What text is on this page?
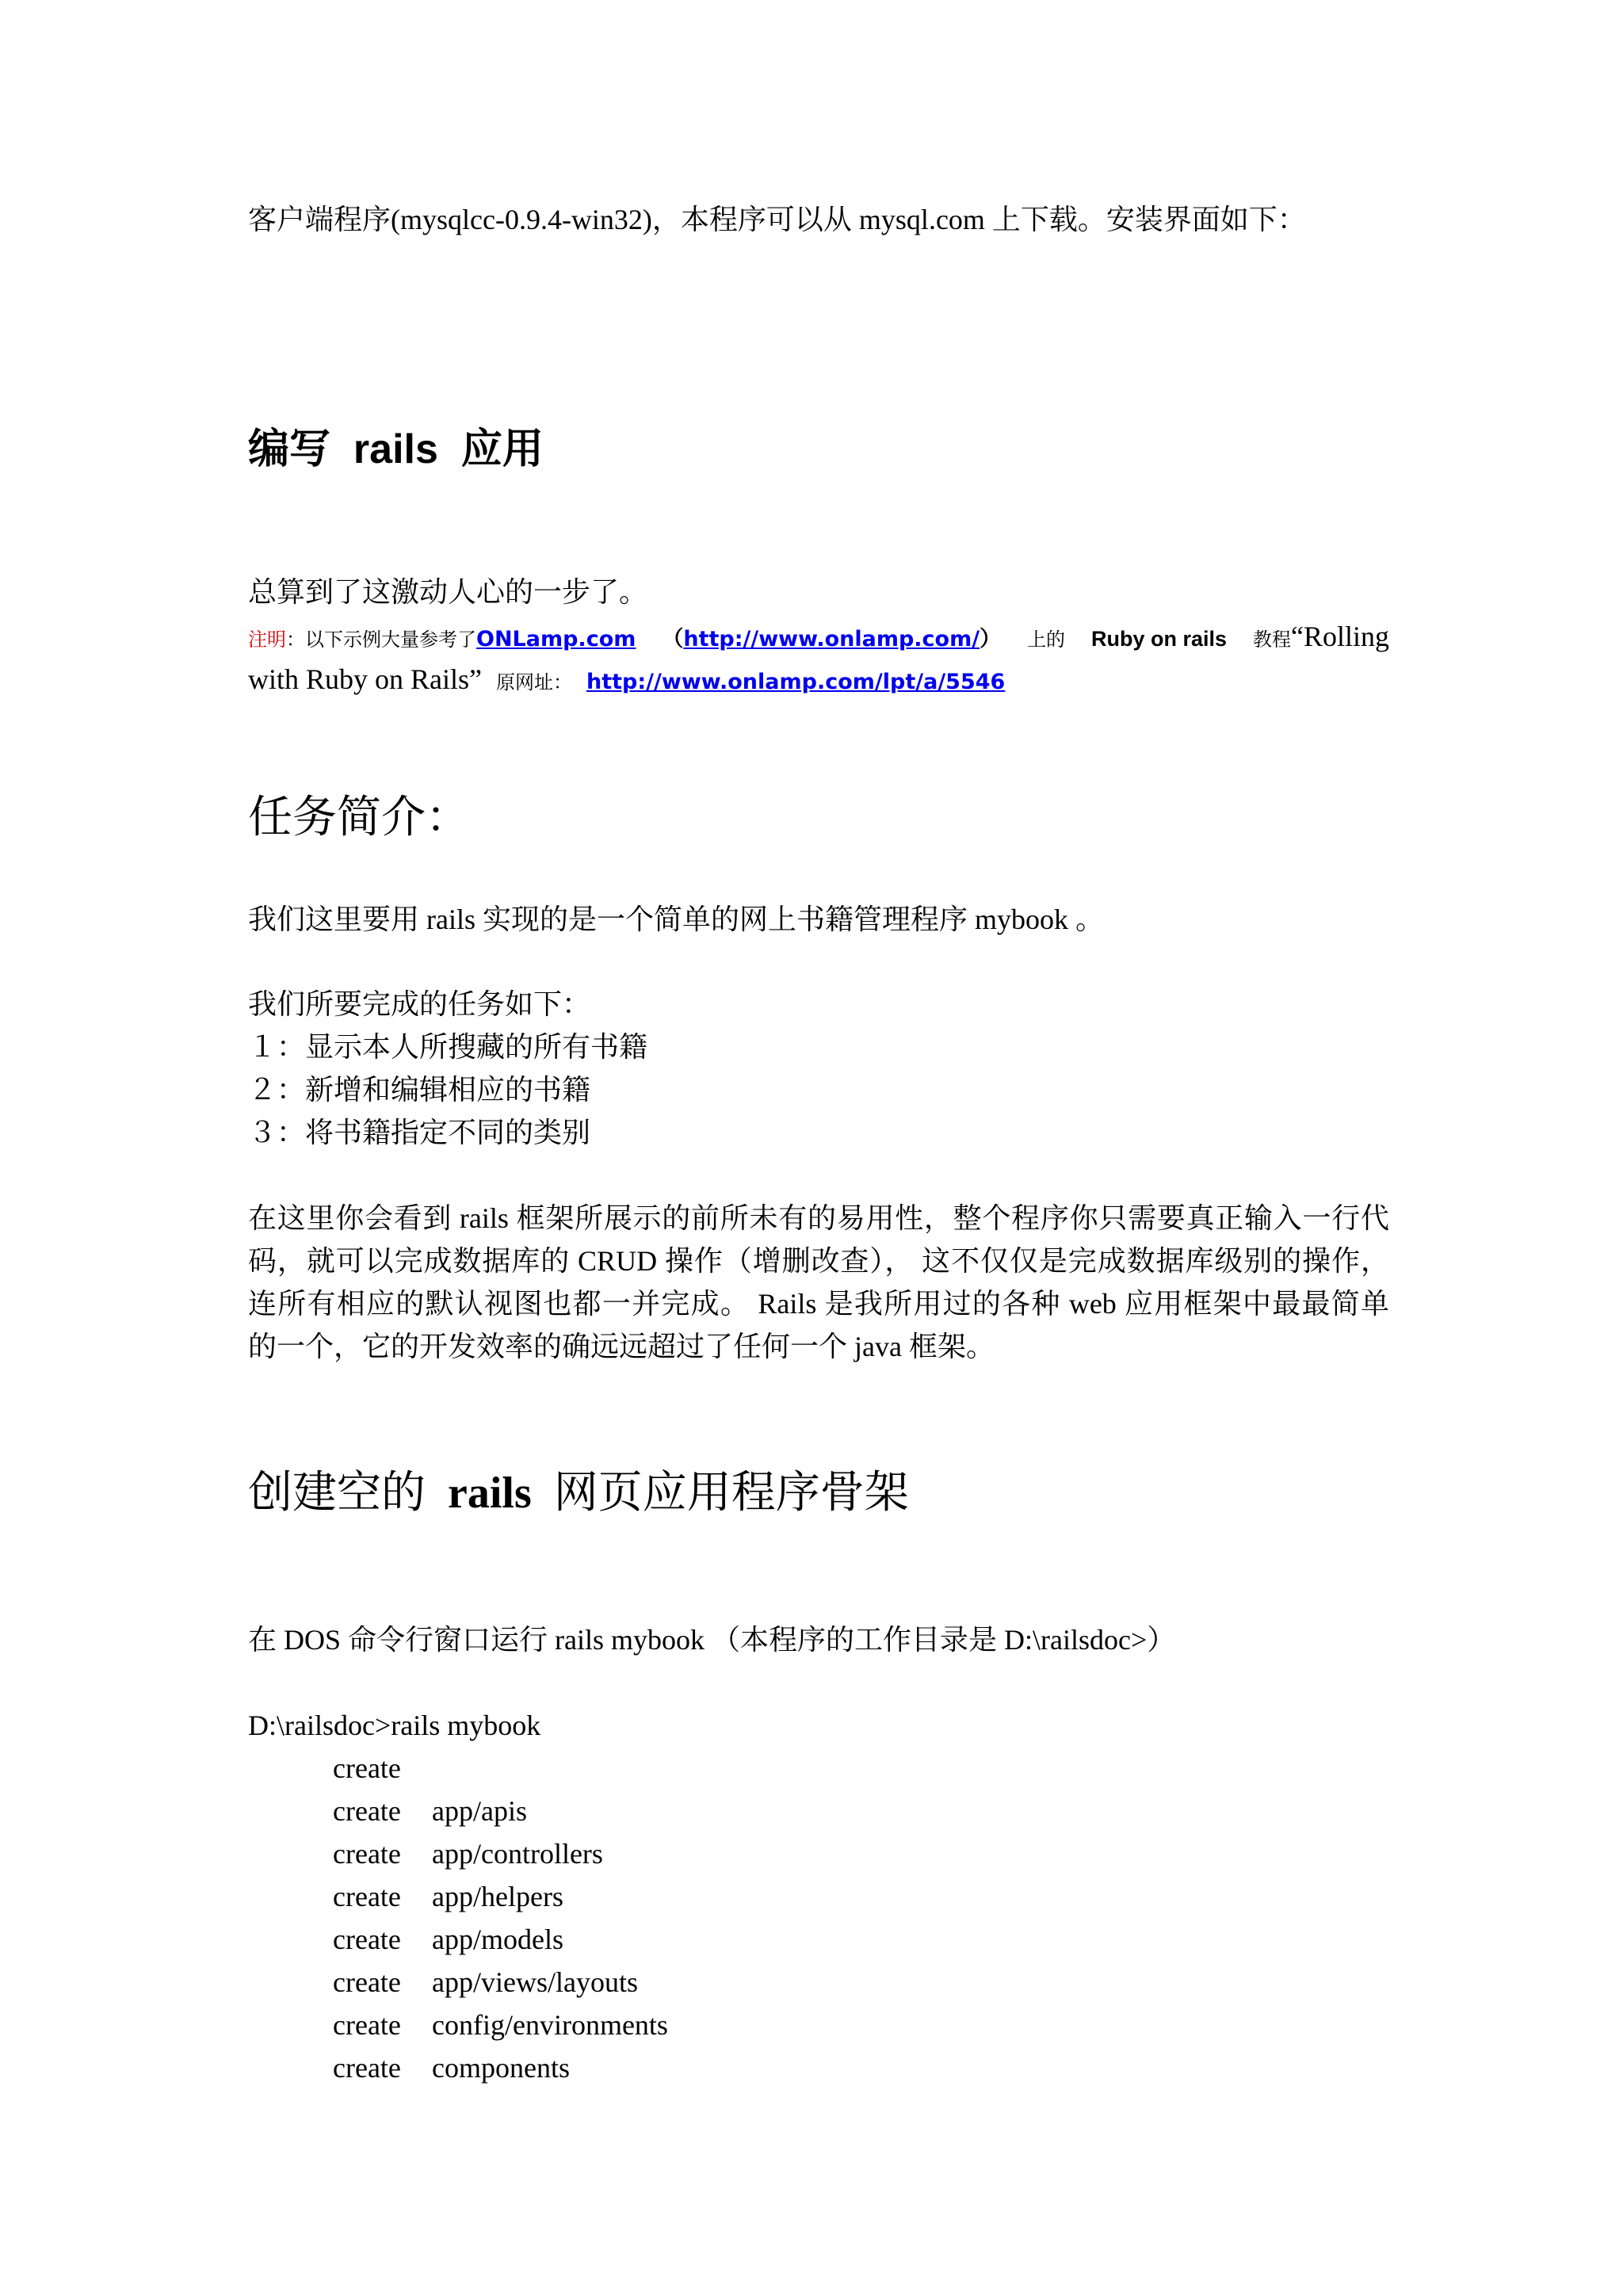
客户端程序(mysqlcc-0.9.4-win32)，本程序可以从 mysql.com 上下载。安装界面如下：
编写 rails 应用
总算到了这激动人心的一步了。
注明：以下示例大量参考了ONLamp.com （http://www.onlamp.com/） 上的 Ruby on rails 教程“Rolling
with Ruby on Rails” 原网址： http://www.onlamp.com/lpt/a/5546
任务简介：
我们这里要用 rails 实现的是一个简单的网上书籍管理程序 mybook 。
我们所要完成的任务如下：
１：显示本人所搜藏的所有书籍
２：新增和编辑相应的书籍
３：将书籍指定不同的类别
在这里你会看到 rails 框架所展示的前所未有的易用性，整个程序你只需要真正输入一行代
码，就可以完成数据库的 CRUD 操作（增删改查）， 这不仅仅是完成数据库级别的操作，
连所有相应的默认视图也都一并完成。 Rails 是我所用过的各种 web 应用框架中最最简单
的一个，它的开发效率的确远远超过了任何一个 java 框架。
创建空的 rails 网页应用程序骨架
在 DOS 命令行窗口运行 rails mybook （本程序的工作目录是 D:\railsdoc>）
D:\railsdoc>rails mybook
create
create app/apis
create app/controllers
create app/helpers
create app/models
create app/views/layouts
create config/environments
create components
